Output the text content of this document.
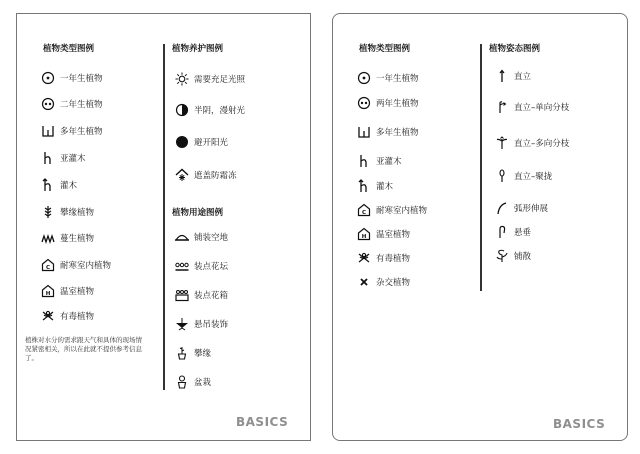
植物类型图例	植物养护图例
植物用途图例
一年生植物
二年生植物
多年生植物
亚灌木
灌木
攀缘植物
蔓生植物
C 耐寒室内植物
H 温室植物
有毒植物
需要充足光照
半阴，漫射光
避开阳光
遮盖防霜冻
铺装空地
装点花坛
装点花箱
悬吊装饰
攀缘
盆栽
植株对水分的需求跟天气和具体的现场情况紧密相关，所以在此就不提供参考信息了。
BASICS
植物类型图例	植物姿态图例
一年生植物
两年生植物
多年生植物
亚灌木
灌木
C 耐寒室内植物
H 温室植物
有毒植物
杂交植物
直立
直立–单向分枝
直立–多向分枝
直立–聚拢
弧形伸展
悬垂
铺散
BASICS
